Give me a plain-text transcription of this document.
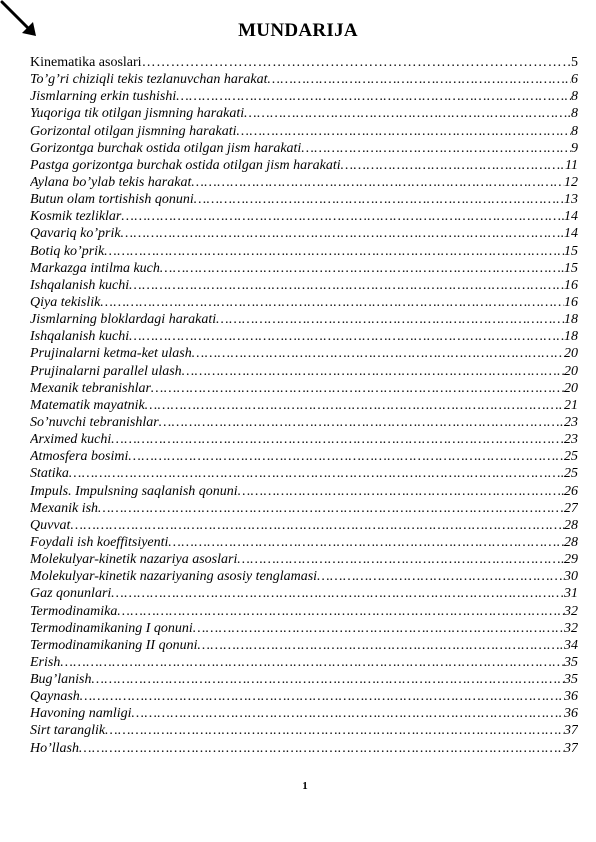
MUNDARIJA
Kinematika asoslari ……………………………………………………………………………………………………………………………………………………………………	5
To’g’ri chiziqli tekis tezlanuvchan harakat ……………………………………………………………………………………………………………………………………………………………………	6
Jismlarning erkin tushishi ……………………………………………………………………………………………………………………………………………………………………	8
Yuqoriga tik otilgan jismning harakati ……………………………………………………………………………………………………………………………………………………………………	8
Gorizontal otilgan jismning harakati ……………………………………………………………………………………………………………………………………………………………………	8
Gorizontga burchak ostida otilgan jism harakati ……………………………………………………………………………………………………………………………………………………………………	9
Pastga gorizontga burchak ostida otilgan jism harakati ……………………………………………………………………………………………………………………………………………………………………	11
Aylana bo’ylab tekis harakat ……………………………………………………………………………………………………………………………………………………………………	12
Butun olam tortishish qonuni ……………………………………………………………………………………………………………………………………………………………………	13
Kosmik tezliklar ……………………………………………………………………………………………………………………………………………………………………	14
Qavariq ko’prik ……………………………………………………………………………………………………………………………………………………………………	14
Botiq ko’prik ……………………………………………………………………………………………………………………………………………………………………	15
Markazga intilma kuch ……………………………………………………………………………………………………………………………………………………………………	15
Ishqalanish kuchi ……………………………………………………………………………………………………………………………………………………………………	16
Qiya tekislik ……………………………………………………………………………………………………………………………………………………………………	16
Jismlarning bloklardagi harakati ……………………………………………………………………………………………………………………………………………………………………	18
Ishqalanish kuchi ……………………………………………………………………………………………………………………………………………………………………	18
Prujinalarni ketma-ket ulash ……………………………………………………………………………………………………………………………………………………………………	20
Prujinalarni parallel ulash ……………………………………………………………………………………………………………………………………………………………………	20
Mexanik tebranishlar ……………………………………………………………………………………………………………………………………………………………………	20
Matematik mayatnik ……………………………………………………………………………………………………………………………………………………………………	21
So’nuvchi tebranishlar ……………………………………………………………………………………………………………………………………………………………………	23
Arximed kuchi ……………………………………………………………………………………………………………………………………………………………………	23
Atmosfera bosimi ……………………………………………………………………………………………………………………………………………………………………	25
Statika ……………………………………………………………………………………………………………………………………………………………………	25
Impuls. Impulsning saqlanish qonuni ……………………………………………………………………………………………………………………………………………………………………	26
Mexanik ish ……………………………………………………………………………………………………………………………………………………………………	27
Quvvat ……………………………………………………………………………………………………………………………………………………………………	28
Foydali ish koeffitsiyenti ……………………………………………………………………………………………………………………………………………………………………	28
Molekulyar-kinetik nazariya asoslari ……………………………………………………………………………………………………………………………………………………………………	29
Molekulyar-kinetik nazariyaning asosiy tenglamasi ……………………………………………………………………………………………………………………………………………………………………	30
Gaz qonunlari ……………………………………………………………………………………………………………………………………………………………………	31
Termodinamika ……………………………………………………………………………………………………………………………………………………………………	32
Termodinamikaning I qonuni ……………………………………………………………………………………………………………………………………………………………………	32
Termodinamikaning II qonuni ……………………………………………………………………………………………………………………………………………………………………	34
Erish ……………………………………………………………………………………………………………………………………………………………………	35
Bug’lanish ……………………………………………………………………………………………………………………………………………………………………	35
Qaynash ……………………………………………………………………………………………………………………………………………………………………	36
Havoning namligi ……………………………………………………………………………………………………………………………………………………………………	36
Sirt taranglik ……………………………………………………………………………………………………………………………………………………………………	37
Ho’llash ……………………………………………………………………………………………………………………………………………………………………	37
1
